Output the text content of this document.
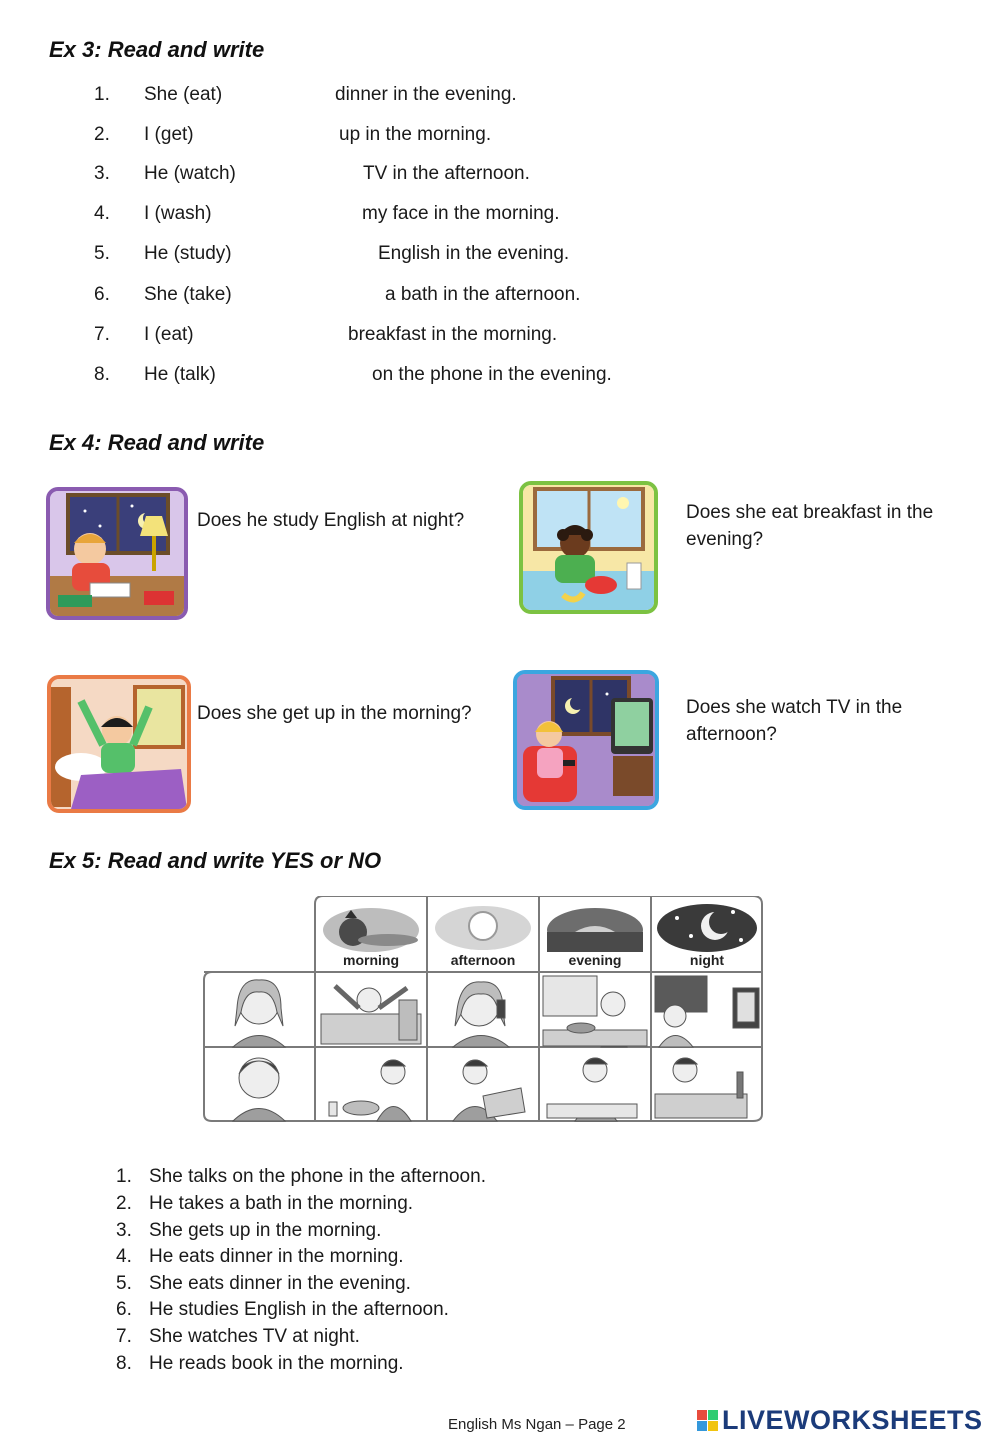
Ex 3: Read and write
1. She (eat)	dinner in the evening.
2. I (get)	up in the morning.
3. He (watch)	TV in the afternoon.
4. I (wash)	my face in the morning.
5. He (study)	English in the evening.
6. She (take)	a bath in the afternoon.
7. I (eat)	breakfast in the morning.
8. He (talk)	on the phone in the evening.
Ex 4: Read and write
Does he study English at night?	Does she eat breakfast in the
evening?
Does she get up in the morning?	Does she watch TV in the
afternoon?
Ex 5: Read and write YES or NO
morning	afternoon	evening	night
1. She talks on the phone in the afternoon.
2. He takes a bath in the morning.
3. She gets up in the morning.
4. He eats dinner in the morning.
5. She eats dinner in the evening.
6. He studies English in the afternoon.
7. She watches TV at night.
8. He reads book in the morning.
English Ms Ngan – Page 2	LIVEWORKSHEETS
